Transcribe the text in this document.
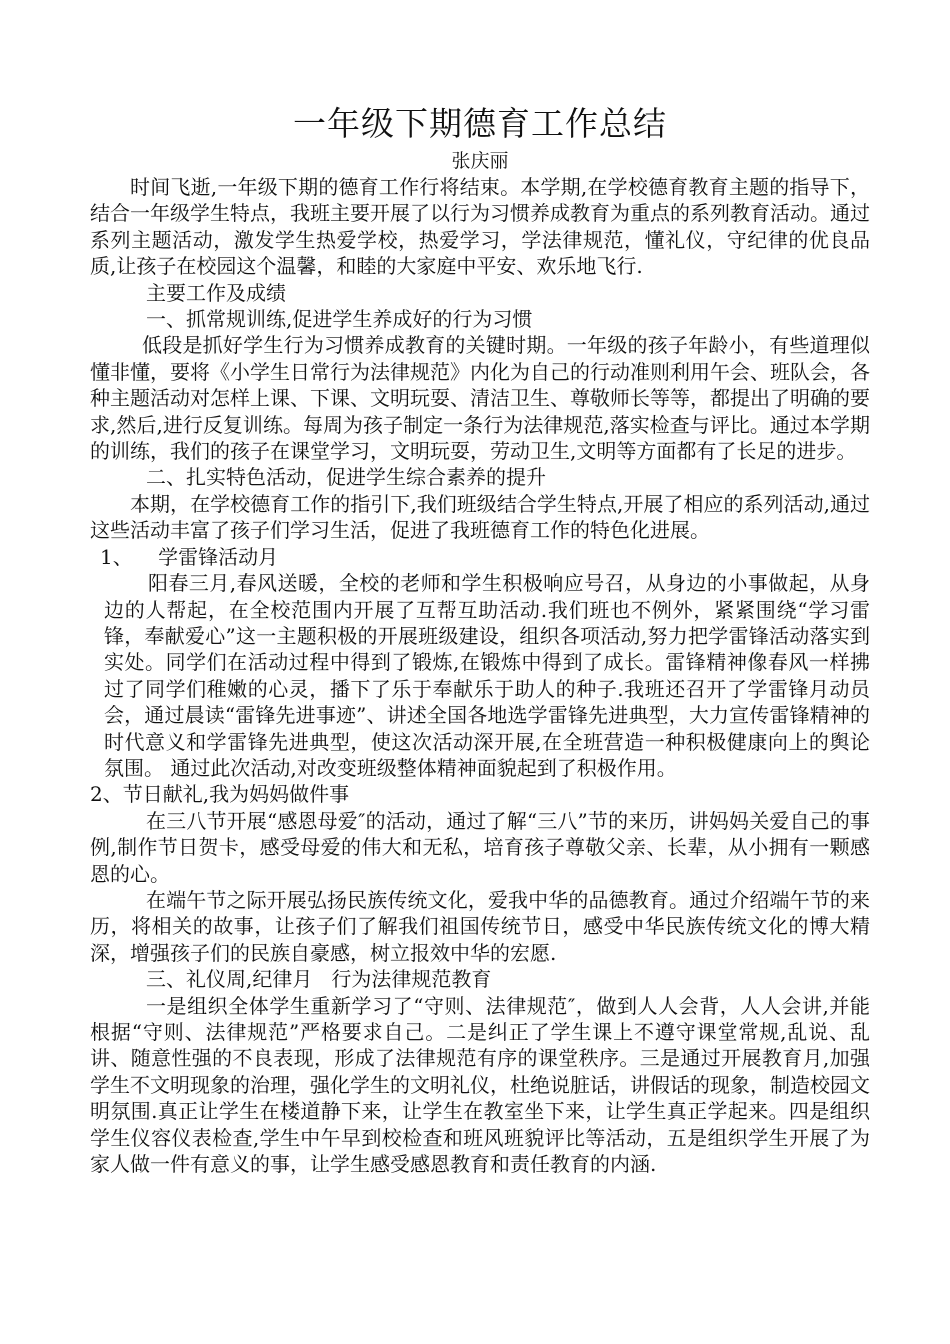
一年级下期德育工作总结

张庆丽

时间飞逝,一年级下期的德育工作行将结束。本学期,在学校德育教育主题的指导下，结合一年级学生特点，我班主要开展了以行为习惯养成教育为重点的系列教育活动。通过系列主题活动，激发学生热爱学校，热爱学习，学法律规范，懂礼仪，守纪律的优良品质,让孩子在校园这个温馨，和睦的大家庭中平安、欢乐地飞行.

主要工作及成绩

一、抓常规训练,促进学生养成好的行为习惯

低段是抓好学生行为习惯养成教育的关键时期。一年级的孩子年龄小，有些道理似懂非懂，要将《小学生日常行为法律规范》内化为自己的行动准则利用午会、班队会，各种主题活动对怎样上课、下课、文明玩耍、清洁卫生、尊敬师长等等，都提出了明确的要求,然后,进行反复训练。每周为孩子制定一条行为法律规范,落实检查与评比。通过本学期的训练，我们的孩子在课堂学习，文明玩耍，劳动卫生,文明等方面都有了长足的进步。

二、扎实特色活动，促进学生综合素养的提升

本期，在学校德育工作的指引下,我们班级结合学生特点,开展了相应的系列活动,通过这些活动丰富了孩子们学习生活，促进了我班德育工作的特色化进展。

1、    学雷锋活动月

阳春三月,春风送暖，全校的老师和学生积极响应号召，从身边的小事做起，从身边的人帮起，在全校范围内开展了互帮互助活动.我们班也不例外，紧紧围绕“学习雷锋，奉献爱心”这一主题积极的开展班级建设，组织各项活动,努力把学雷锋活动落实到实处。同学们在活动过程中得到了锻炼,在锻炼中得到了成长。雷锋精神像春风一样拂过了同学们稚嫩的心灵，播下了乐于奉献乐于助人的种子.我班还召开了学雷锋月动员会，通过晨读“雷锋先进事迹”、讲述全国各地选学雷锋先进典型，大力宣传雷锋精神的时代意义和学雷锋先进典型，使这次活动深开展,在全班营造一种积极健康向上的舆论氛围。 通过此次活动,对改变班级整体精神面貌起到了积极作用。

2、节日献礼,我为妈妈做件事

在三八节开展“感恩母爱″的活动，通过了解“三八”节的来历，讲妈妈关爱自己的事例,制作节日贺卡，感受母爱的伟大和无私，培育孩子尊敬父亲、长辈，从小拥有一颗感恩的心。

在端午节之际开展弘扬民族传统文化，爱我中华的品德教育。通过介绍端午节的来历，将相关的故事，让孩子们了解我们祖国传统节日，感受中华民族传统文化的博大精深，增强孩子们的民族自豪感，树立报效中华的宏愿.

三、礼仪周,纪律月   行为法律规范教育

一是组织全体学生重新学习了“守则、法律规范″，做到人人会背，人人会讲,并能根据“守则、法律规范”严格要求自己。二是纠正了学生课上不遵守课堂常规,乱说、乱讲、随意性强的不良表现，形成了法律规范有序的课堂秩序。三是通过开展教育月,加强学生不文明现象的治理，强化学生的文明礼仪，杜绝说脏话，讲假话的现象，制造校园文明氛围.真正让学生在楼道静下来，让学生在教室坐下来，让学生真正学起来。四是组织学生仪容仪表检查,学生中午早到校检查和班风班貌评比等活动，五是组织学生开展了为家人做一件有意义的事，让学生感受感恩教育和责任教育的内涵.
